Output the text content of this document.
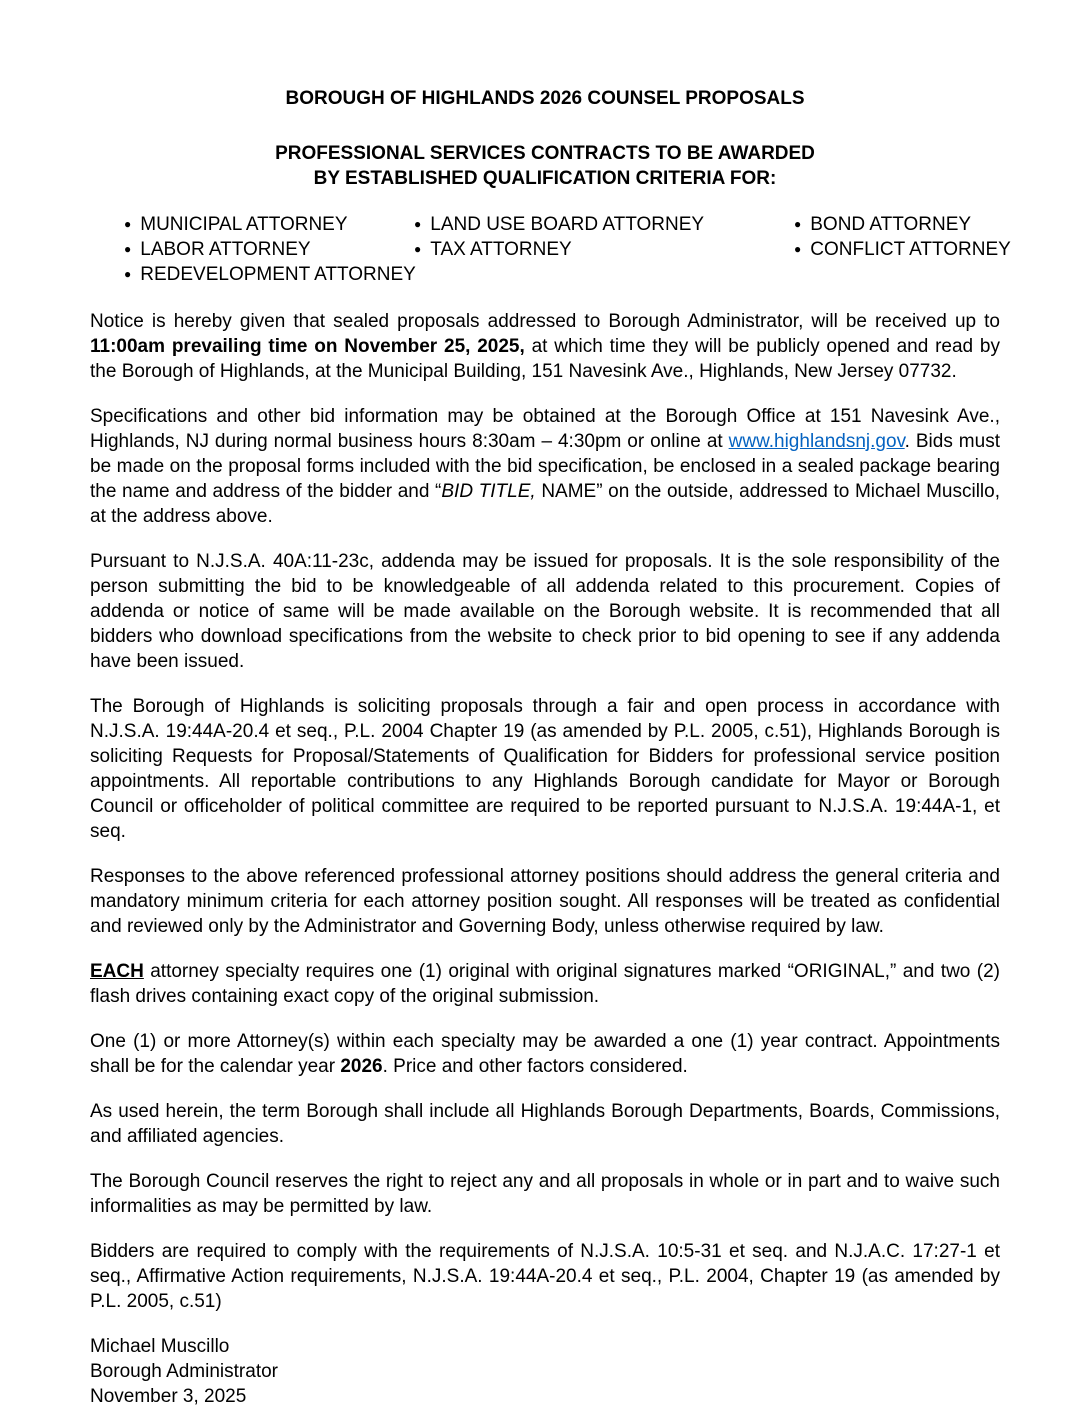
BOROUGH OF HIGHLANDS 2026 COUNSEL PROPOSALS
PROFESSIONAL SERVICES CONTRACTS TO BE AWARDED
BY ESTABLISHED QUALIFICATION CRITERIA FOR:
● MUNICIPAL ATTORNEY
● LABOR ATTORNEY
● REDEVELOPMENT ATTORNEY
● LAND USE BOARD ATTORNEY
● TAX ATTORNEY
● BOND ATTORNEY
● CONFLICT ATTORNEY

Notice is hereby given that sealed proposals addressed to Borough Administrator, will be received up to 11:00am prevailing time on November 25, 2025, at which time they will be publicly opened and read by the Borough of Highlands, at the Municipal Building, 151 Navesink Ave., Highlands, New Jersey 07732.

Specifications and other bid information may be obtained at the Borough Office at 151 Navesink Ave., Highlands, NJ during normal business hours 8:30am – 4:30pm or online at www.highlandsnj.gov. Bids must be made on the proposal forms included with the bid specification, be enclosed in a sealed package bearing the name and address of the bidder and “BID TITLE, NAME” on the outside, addressed to Michael Muscillo, at the address above.

Pursuant to N.J.S.A. 40A:11-23c, addenda may be issued for proposals. It is the sole responsibility of the person submitting the bid to be knowledgeable of all addenda related to this procurement. Copies of addenda or notice of same will be made available on the Borough website. It is recommended that all bidders who download specifications from the website to check prior to bid opening to see if any addenda have been issued.

The Borough of Highlands is soliciting proposals through a fair and open process in accordance with N.J.S.A. 19:44A-20.4 et seq., P.L. 2004 Chapter 19 (as amended by P.L. 2005, c.51), Highlands Borough is soliciting Requests for Proposal/Statements of Qualification for Bidders for professional service position appointments. All reportable contributions to any Highlands Borough candidate for Mayor or Borough Council or officeholder of political committee are required to be reported pursuant to N.J.S.A. 19:44A-1, et seq.

Responses to the above referenced professional attorney positions should address the general criteria and mandatory minimum criteria for each attorney position sought. All responses will be treated as confidential and reviewed only by the Administrator and Governing Body, unless otherwise required by law.

EACH attorney specialty requires one (1) original with original signatures marked “ORIGINAL,” and two (2) flash drives containing exact copy of the original submission.

One (1) or more Attorney(s) within each specialty may be awarded a one (1) year contract. Appointments shall be for the calendar year 2026. Price and other factors considered.

As used herein, the term Borough shall include all Highlands Borough Departments, Boards, Commissions, and affiliated agencies.

The Borough Council reserves the right to reject any and all proposals in whole or in part and to waive such informalities as may be permitted by law.

Bidders are required to comply with the requirements of N.J.S.A. 10:5-31 et seq. and N.J.A.C. 17:27-1 et seq., Affirmative Action requirements, N.J.S.A. 19:44A-20.4 et seq., P.L. 2004, Chapter 19 (as amended by P.L. 2005, c.51)

Michael Muscillo
Borough Administrator
November 3, 2025
